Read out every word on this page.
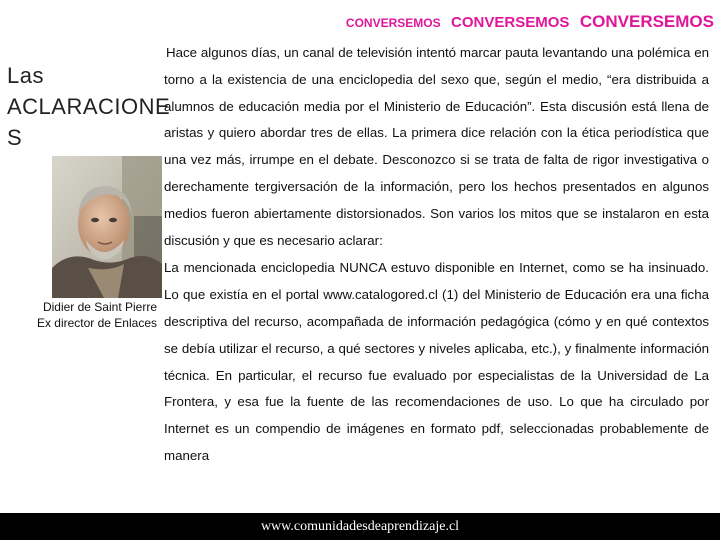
CONVERSEMOS CONVERSEMOS CONVERSEMOS
Las
ACLARACIONE
S
Didier de Saint Pierre
Ex director de Enlaces

Hace algunos días, un canal de televisión intentó marcar pauta levantando una polémica en torno a la existencia de una enciclopedia del sexo que, según el medio, “era distribuida a alumnos de educación media por el Ministerio de Educación”. Esta discusión está llena de aristas y quiero abordar tres de ellas. La primera dice relación con la ética periodística que una vez más, irrumpe en el debate. Desconozco si se trata de falta de rigor investigativa o derechamente tergiversación de la información, pero los hechos presentados en algunos medios fueron abiertamente distorsionados. Son varios los mitos que se instalaron en esta discusión y que es necesario aclarar:

La mencionada enciclopedia NUNCA estuvo disponible en Internet, como se ha insinuado. Lo que existía en el portal www.catalogored.cl (1) del Ministerio de Educación era una ficha descriptiva del recurso, acompañada de información pedagógica (cómo y en qué contextos se debía utilizar el recurso, a qué sectores y niveles aplicaba, etc.), y finalmente información técnica. En particular, el recurso fue evaluado por especialistas de la Universidad de La Frontera, y esa fue la fuente de las recomendaciones de uso. Lo que ha circulado por Internet es un compendio de imágenes en formato pdf, seleccionadas probablemente de manera

www.comunidadesdeaprendizaje.cl
